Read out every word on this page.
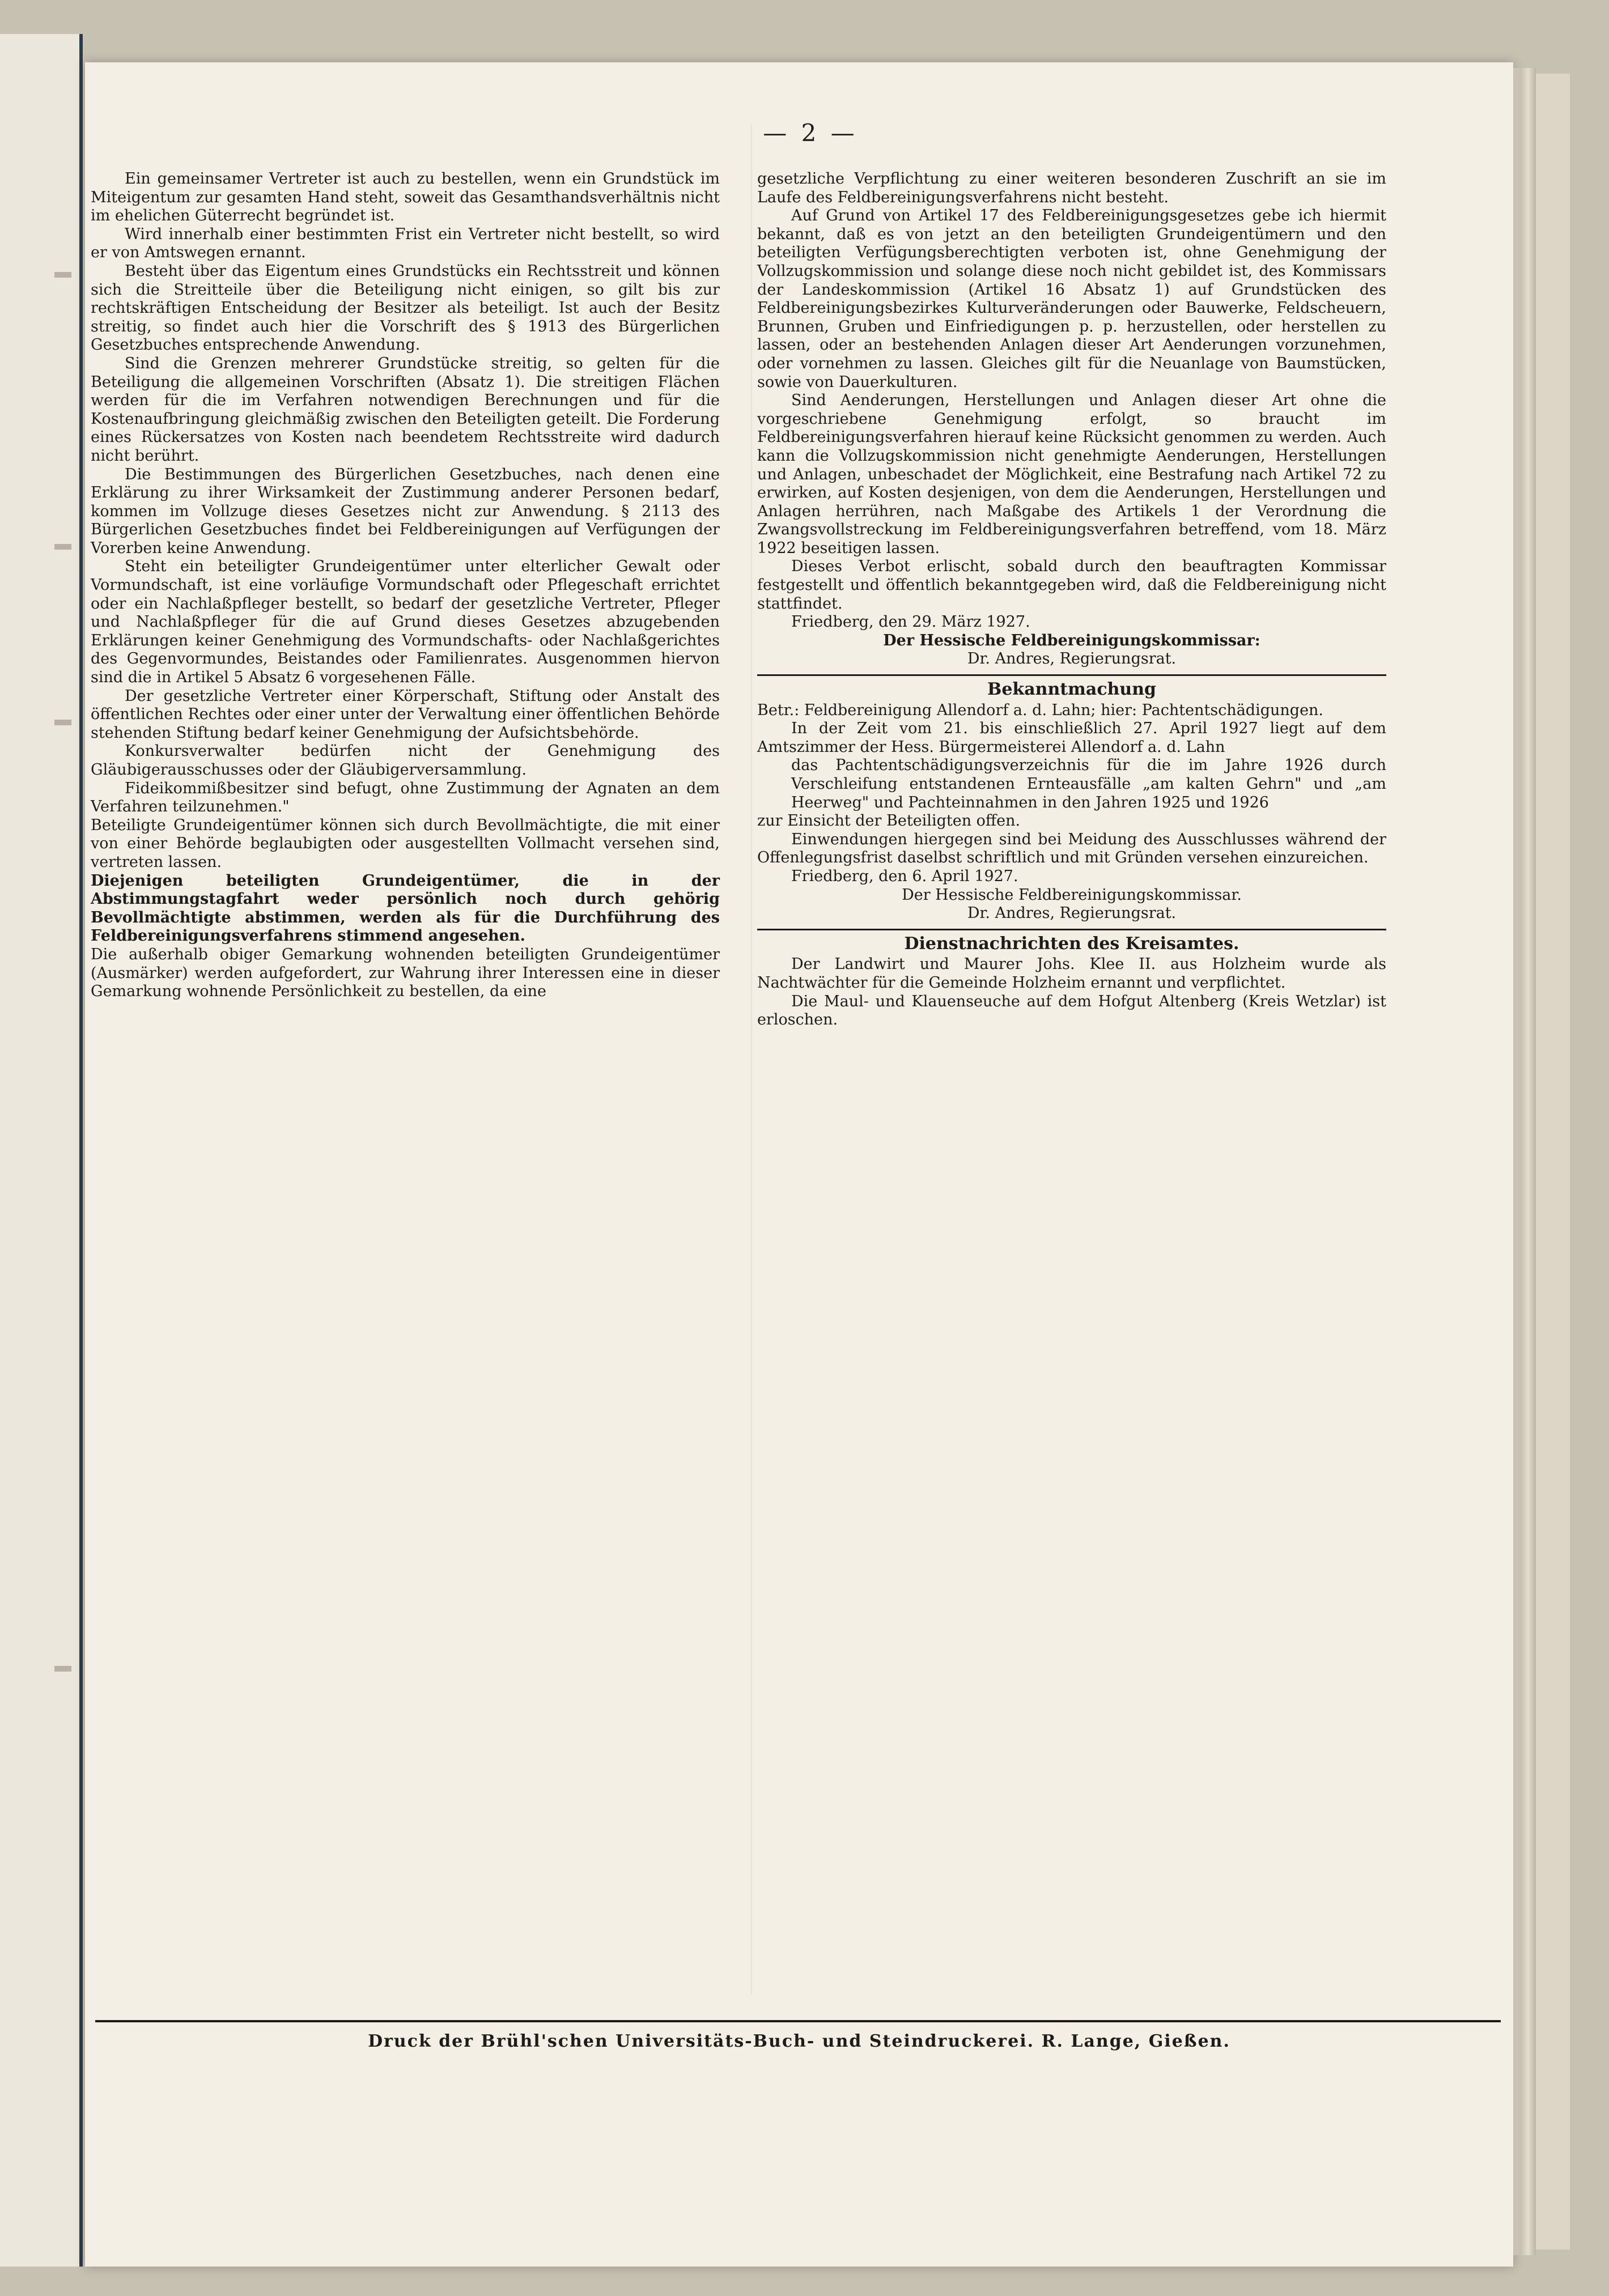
— 2 —

Ein gemeinsamer Vertreter ist auch zu bestellen, wenn ein Grundstück im Miteigentum zur gesamten Hand steht, soweit das Gesamthandsverhältnis nicht im ehelichen Güterrecht begründet ist.

Wird innerhalb einer bestimmten Frist ein Vertreter nicht bestellt, so wird er von Amtswegen ernannt.

Besteht über das Eigentum eines Grundstücks ein Rechtsstreit und können sich die Streitteile über die Beteiligung nicht einigen, so gilt bis zur rechtskräftigen Entscheidung der Besitzer als beteiligt. Ist auch der Besitz streitig, so findet auch hier die Vorschrift des § 1913 des Bürgerlichen Gesetzbuches entsprechende Anwendung.

Sind die Grenzen mehrerer Grundstücke streitig, so gelten für die Beteiligung die allgemeinen Vorschriften (Absatz 1). Die streitigen Flächen werden für die im Verfahren notwendigen Berechnungen und für die Kostenaufbringung gleichmäßig zwischen den Beteiligten geteilt. Die Forderung eines Rückersatzes von Kosten nach beendetem Rechtsstreite wird dadurch nicht berührt.

Die Bestimmungen des Bürgerlichen Gesetzbuches, nach denen eine Erklärung zu ihrer Wirksamkeit der Zustimmung anderer Personen bedarf, kommen im Vollzuge dieses Gesetzes nicht zur Anwendung. § 2113 des Bürgerlichen Gesetzbuches findet bei Feldbereinigungen auf Verfügungen der Vorerben keine Anwendung.

Steht ein beteiligter Grundeigentümer unter elterlicher Gewalt oder Vormundschaft, ist eine vorläufige Vormundschaft oder Pflegeschaft errichtet oder ein Nachlaßpfleger bestellt, so bedarf der gesetzliche Vertreter, Pfleger und Nachlaßpfleger für die auf Grund dieses Gesetzes abzugebenden Erklärungen keiner Genehmigung des Vormundschafts- oder Nachlaßgerichtes des Gegenvormundes, Beistandes oder Familienrates. Ausgenommen hiervon sind die in Artikel 5 Absatz 6 vorgesehenen Fälle.

Der gesetzliche Vertreter einer Körperschaft, Stiftung oder Anstalt des öffentlichen Rechtes oder einer unter der Verwaltung einer öffentlichen Behörde stehenden Stiftung bedarf keiner Genehmigung der Aufsichtsbehörde.

Konkursverwalter bedürfen nicht der Genehmigung des Gläubigerausschusses oder der Gläubigerversammlung.

Fideikommißbesitzer sind befugt, ohne Zustimmung der Agnaten an dem Verfahren teilzunehmen."

Beteiligte Grundeigentümer können sich durch Bevollmächtigte, die mit einer von einer Behörde beglaubigten oder ausgestellten Vollmacht versehen sind, vertreten lassen.

Diejenigen beteiligten Grundeigentümer, die in der Abstimmungstagfahrt weder persönlich noch durch gehörig Bevollmächtigte abstimmen, werden als für die Durchführung des Feldbereinigungsverfahrens stimmend angesehen.

Die außerhalb obiger Gemarkung wohnenden beteiligten Grundeigentümer (Ausmärker) werden aufgefordert, zur Wahrung ihrer Interessen eine in dieser Gemarkung wohnende Persönlichkeit zu bestellen, da eine

gesetzliche Verpflichtung zu einer weiteren besonderen Zuschrift an sie im Laufe des Feldbereinigungsverfahrens nicht besteht.

Auf Grund von Artikel 17 des Feldbereinigungsgesetzes gebe ich hiermit bekannt, daß es von jetzt an den beteiligten Grundeigentümern und den beteiligten Verfügungsberechtigten verboten ist, ohne Genehmigung der Vollzugskommission und solange diese noch nicht gebildet ist, des Kommissars der Landeskommission (Artikel 16 Absatz 1) auf Grundstücken des Feldbereinigungsbezirkes Kulturveränderungen oder Bauwerke, Feldscheuern, Brunnen, Gruben und Einfriedigungen p. p. herzustellen, oder herstellen zu lassen, oder an bestehenden Anlagen dieser Art Aenderungen vorzunehmen, oder vornehmen zu lassen. Gleiches gilt für die Neuanlage von Baumstücken, sowie von Dauerkulturen.

Sind Aenderungen, Herstellungen und Anlagen dieser Art ohne die vorgeschriebene Genehmigung erfolgt, so braucht im Feldbereinigungsverfahren hierauf keine Rücksicht genommen zu werden. Auch kann die Vollzugskommission nicht genehmigte Aenderungen, Herstellungen und Anlagen, unbeschadet der Möglichkeit, eine Bestrafung nach Artikel 72 zu erwirken, auf Kosten desjenigen, von dem die Aenderungen, Herstellungen und Anlagen herrühren, nach Maßgabe des Artikels 1 der Verordnung die Zwangsvollstreckung im Feldbereinigungsverfahren betreffend, vom 18. März 1922 beseitigen lassen.

Dieses Verbot erlischt, sobald durch den beauftragten Kommissar festgestellt und öffentlich bekanntgegeben wird, daß die Feldbereinigung nicht stattfindet.

Friedberg, den 29. März 1927.

Der Hessische Feldbereinigungskommissar:

Dr. Andres, Regierungsrat.

Bekanntmachung

Betr.: Feldbereinigung Allendorf a. d. Lahn; hier: Pachtentschädigungen.

In der Zeit vom 21. bis einschließlich 27. April 1927 liegt auf dem Amtszimmer der Hess. Bürgermeisterei Allendorf a. d. Lahn

das Pachtentschädigungsverzeichnis für die im Jahre 1926 durch Verschleifung entstandenen Ernteausfälle „am kalten Gehrn" und „am Heerweg" und Pachteinnahmen in den Jahren 1925 und 1926

zur Einsicht der Beteiligten offen.

Einwendungen hiergegen sind bei Meidung des Ausschlusses während der Offenlegungsfrist daselbst schriftlich und mit Gründen versehen einzureichen.

Friedberg, den 6. April 1927.

Der Hessische Feldbereinigungskommissar.

Dr. Andres, Regierungsrat.

Dienstnachrichten des Kreisamtes.

Der Landwirt und Maurer Johs. Klee II. aus Holzheim wurde als Nachtwächter für die Gemeinde Holzheim ernannt und verpflichtet.

Die Maul- und Klauenseuche auf dem Hofgut Altenberg (Kreis Wetzlar) ist erloschen.

Druck der Brühl'schen Universitäts-Buch- und Steindruckerei. R. Lange, Gießen.
